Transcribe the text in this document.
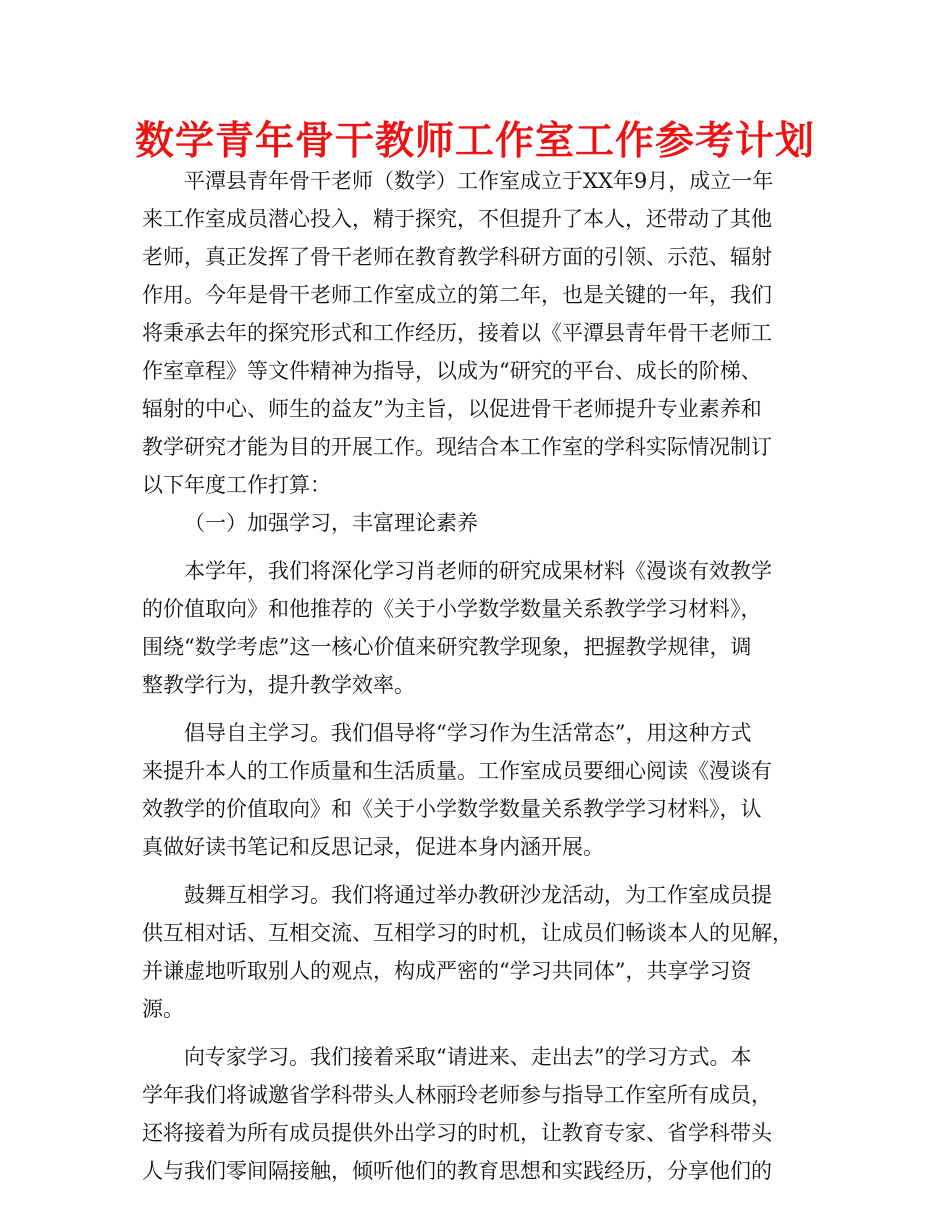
数学青年骨干教师工作室工作参考计划
平潭县青年骨干老师（数学）工作室成立于XX年9月，成立一年
来工作室成员潜心投入，精于探究，不但提升了本人，还带动了其他
老师，真正发挥了骨干老师在教育教学科研方面的引领、示范、辐射
作用。今年是骨干老师工作室成立的第二年，也是关键的一年，我们
将秉承去年的探究形式和工作经历，接着以《平潭县青年骨干老师工
作室章程》等文件精神为指导，以成为“研究的平台、成长的阶梯、
辐射的中心、师生的益友”为主旨，以促进骨干老师提升专业素养和
教学研究才能为目的开展工作。现结合本工作室的学科实际情况制订
以下年度工作打算：
（一）加强学习，丰富理论素养
本学年，我们将深化学习肖老师的研究成果材料《漫谈有效教学
的价值取向》和他推荐的《关于小学数学数量关系教学学习材料》，
围绕“数学考虑”这一核心价值来研究教学现象，把握教学规律，调
整教学行为，提升教学效率。
倡导自主学习。我们倡导将“学习作为生活常态”，用这种方式
来提升本人的工作质量和生活质量。工作室成员要细心阅读《漫谈有
效教学的价值取向》和《关于小学数学数量关系教学学习材料》，认
真做好读书笔记和反思记录，促进本身内涵开展。
鼓舞互相学习。我们将通过举办教研沙龙活动，为工作室成员提
供互相对话、互相交流、互相学习的时机，让成员们畅谈本人的见解，
并谦虚地听取别人的观点，构成严密的“学习共同体”，共享学习资
源。
向专家学习。我们接着采取“请进来、走出去”的学习方式。本
学年我们将诚邀省学科带头人林丽玲老师参与指导工作室所有成员，
还将接着为所有成员提供外出学习的时机，让教育专家、省学科带头
人与我们零间隔接触，倾听他们的教育思想和实践经历，分享他们的
